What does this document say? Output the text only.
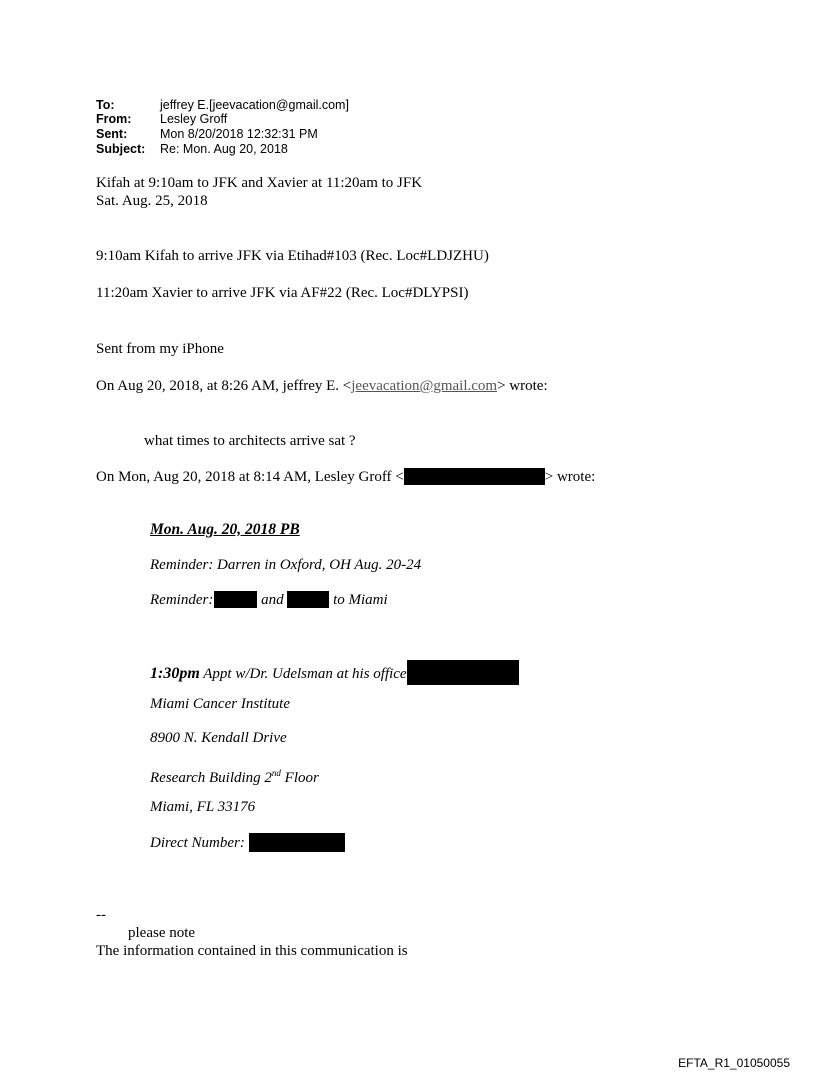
To:	jeffrey E.[jeevacation@gmail.com]
From: Lesley Groff
Sent:	Mon 8/20/2018 12:32:31 PM
Subject: Re: Mon. Aug 20, 2018
Kifah at 9:10am to JFK and Xavier at 11:20am to JFK
Sat. Aug. 25, 2018
9:10am Kifah to arrive JFK via Etihad#103 (Rec. Loc#LDJZHU)
11:20am Xavier to arrive JFK via AF#22 (Rec. Loc#DLYPSI)
Sent from my iPhone
On Aug 20, 2018, at 8:26 AM, jeffrey E. <jeevacation@gmail.com> wrote:
what times to architects arrive sat ?
On Mon, Aug 20, 2018 at 8:14 AM, Lesley Groff <	> wrote:
Mon. Aug. 20, 2018 PB
Reminder: Darren in Oxford, OH Aug. 20-24
Reminder:	and	to Miami
1:30pm Appt w/Dr. Udelsman at his office
Miami Cancer Institute
8900 N. Kendall Drive
Research Building 2nd Floor
Miami, FL 33176
Direct Number:
--
please note
The information contained in this communication is
EFTA_R1_01050055
